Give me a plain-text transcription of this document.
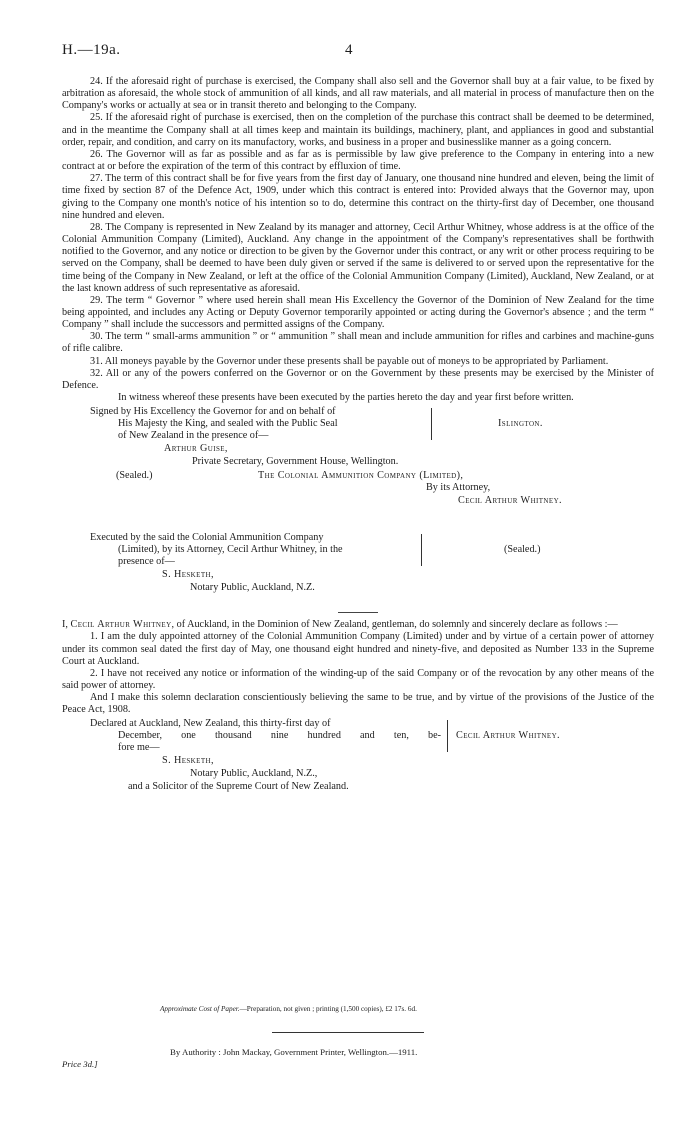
H.—19a.	4

24. If the aforesaid right of purchase is exercised, the Company shall also sell and the Governor shall buy at a fair value, to be fixed by arbitration as aforesaid, the whole stock of ammunition of all kinds, and all raw materials, and all material in process of manufacture then on the Company's works or actually at sea or in transit thereto and belonging to the Company.

25. If the aforesaid right of purchase is exercised, then on the completion of the purchase this contract shall be deemed to be determined, and in the meantime the Company shall at all times keep and maintain its buildings, machinery, plant, and appliances in good and substantial order, repair, and condition, and carry on its manufactory, works, and business in a proper and businesslike manner as a going concern.

26. The Governor will as far as possible and as far as is permissible by law give preference to the Company in entering into a new contract at or before the expiration of the term of this contract by effluxion of time.

27. The term of this contract shall be for five years from the first day of January, one thousand nine hundred and eleven, being the limit of time fixed by section 87 of the Defence Act, 1909, under which this contract is entered into: Provided always that the Governor may, upon giving to the Company one month's notice of his intention so to do, determine this contract on the thirty-first day of December, one thousand nine hundred and eleven.

28. The Company is represented in New Zealand by its manager and attorney, Cecil Arthur Whitney, whose address is at the office of the Colonial Ammunition Company (Limited), Auckland. Any change in the appointment of the Company's representatives shall be forthwith notified to the Governor, and any notice or direction to be given by the Governor under this contract, or any writ or other process requiring to be served on the Company, shall be deemed to have been duly given or served if the same is delivered to or served upon the representative for the time being of the Company in New Zealand, or left at the office of the Colonial Ammunition Company (Limited), Auckland, New Zealand, or at the last known address of such representative as aforesaid.

29. The term “ Governor ” where used herein shall mean His Excellency the Governor of the Dominion of New Zealand for the time being appointed, and includes any Acting or Deputy Governor temporarily appointed or acting during the Governor's absence ; and the term “ Company ” shall include the successors and permitted assigns of the Company.

30. The term “ small-arms ammunition ” or “ ammunition ” shall mean and include ammunition for rifles and carbines and machine-guns of rifle calibre.

31. All moneys payable by the Governor under these presents shall be payable out of moneys to be appropriated by Parliament.

32. All or any of the powers conferred on the Governor or on the Government by these presents may be exercised by the Minister of Defence.

In witness whereof these presents have been executed by the parties hereto the day and year first before written.

Signed by His Excellency the Governor for and on behalf of
His Majesty the King, and sealed with the Public Seal
of New Zealand in the presence of—
Islington.
Arthur Guise,
Private Secretary, Government House, Wellington.
(Sealed.)	The Colonial Ammunition Company (Limited),
By its Attorney,
Cecil Arthur Whitney.
Executed by the said the Colonial Ammunition Company
(Limited), by its Attorney, Cecil Arthur Whitney, in the
presence of—
(Sealed.)
S. Hesketh,
Notary Public, Auckland, N.Z.

I, Cecil Arthur Whitney, of Auckland, in the Dominion of New Zealand, gentleman, do solemnly and sincerely declare as follows :—

1. I am the duly appointed attorney of the Colonial Ammunition Company (Limited) under and by virtue of a certain power of attorney under its common seal dated the first day of May, one thousand eight hundred and ninety-five, and deposited as Number 133 in the Supreme Court at Auckland.

2. I have not received any notice or information of the winding-up of the said Company or of the revocation by any other means of the said power of attorney.

And I make this solemn declaration conscientiously believing the same to be true, and by virtue of the provisions of the Justice of the Peace Act, 1908.

Declared at Auckland, New Zealand, this thirty-first day of
December, one thousand nine hundred and ten, be-
fore me—
Cecil Arthur Whitney.
S. Hesketh,
Notary Public, Auckland, N.Z.,
and a Solicitor of the Supreme Court of New Zealand.
Approximate Cost of Paper.—Preparation, not given ; printing (1,500 copies), £2 17s. 6d.
By Authority : John Mackay, Government Printer, Wellington.—1911.
Price 3d.]
